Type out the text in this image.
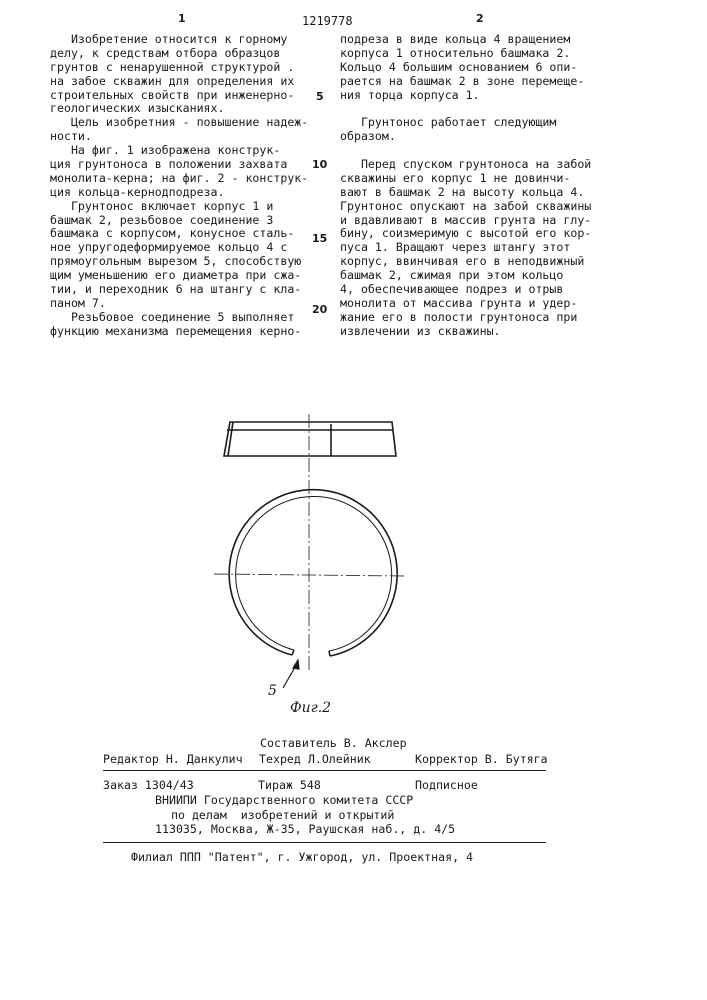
1	1219778	2
Изобретение относится к горному
делу, к средствам отбора образцов
грунтов с ненарушенной структурой .
на забое скважин для определения их
строительных свойств при инженерно-
геологических изысканиях.
Цель изобретния - повышение надеж-
ности.
На фиг. 1 изображена конструк-
ция грунтоноса в положении захвата
монолита-керна; на фиг. 2 - конструк-
ция кольца-кернодподреза.
Грунтонос включает корпус 1 и
башмак 2, резьбовое соединение 3
башмака с корпусом, конусное сталь-
ное упругодеформируемое кольцо 4 с
прямоугольным вырезом 5, способствую
щим уменьшению его диаметра при сжа-
тии, и переходник 6 на штангу с кла-
паном 7.
Резьбовое соединение 5 выполняет
функцию механизма перемещения керно-
подреза в виде кольца 4 вращением
корпуса 1 относительно башмака 2.
Кольцо 4 большим основанием 6 опи-
рается на башмак 2 в зоне перемеще-
ния торца корпуса 1.
Грунтонос работает следующим
образом.
Перед спуском грунтоноса на забой
скважины его корпус 1 не довинчи-
вают в башмак 2 на высоту кольца 4.
Грунтонос опускают на забой скважины
и вдавливают в массив грунта на глу-
бину, соизмеримую с высотой его кор-
пуса 1. Вращают через штангу этот
корпус, ввинчивая его в неподвижный
башмак 2, сжимая при этом кольцо
4, обеспечивающее подрез и отрыв
монолита от массива грунта и удер-
жание его в полости грунтоноса при
извлечении из скважины.
5
10
15
20
5
Фиг.2
Составитель В. Акслер
Редактор Н. Данкулич Техред Л.Олейник	Корректор В. Бутяга
Заказ 1304/43	Тираж 548	Подписное
ВНИИПИ Государственного комитета СССР
по делам  изобретений и открытий
113035, Москва, Ж-35, Раушская наб., д. 4/5
Филиал ППП "Патент", г. Ужгород, ул. Проектная, 4
